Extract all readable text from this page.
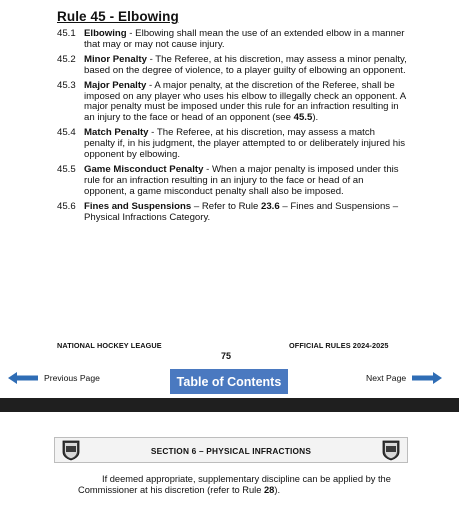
Rule 45 - Elbowing
45.1 Elbowing - Elbowing shall mean the use of an extended elbow in a manner that may or may not cause injury.
45.2 Minor Penalty - The Referee, at his discretion, may assess a minor penalty, based on the degree of violence, to a player guilty of elbowing an opponent.
45.3 Major Penalty - A major penalty, at the discretion of the Referee, shall be imposed on any player who uses his elbow to illegally check an opponent. A major penalty must be imposed under this rule for an infraction resulting in an injury to the face or head of an opponent (see 45.5).
45.4 Match Penalty - The Referee, at his discretion, may assess a match penalty if, in his judgment, the player attempted to or deliberately injured his opponent by elbowing.
45.5 Game Misconduct Penalty - When a major penalty is imposed under this rule for an infraction resulting in an injury to the face or head of an opponent, a game misconduct penalty shall also be imposed.
45.6 Fines and Suspensions – Refer to Rule 23.6 – Fines and Suspensions – Physical Infractions Category.
NATIONAL HOCKEY LEAGUE	OFFICIAL RULES 2024-2025
75
Previous Page	Table of Contents	Next Page
SECTION 6 – PHYSICAL INFRACTIONS
If deemed appropriate, supplementary discipline can be applied by the Commissioner at his discretion (refer to Rule 28).
